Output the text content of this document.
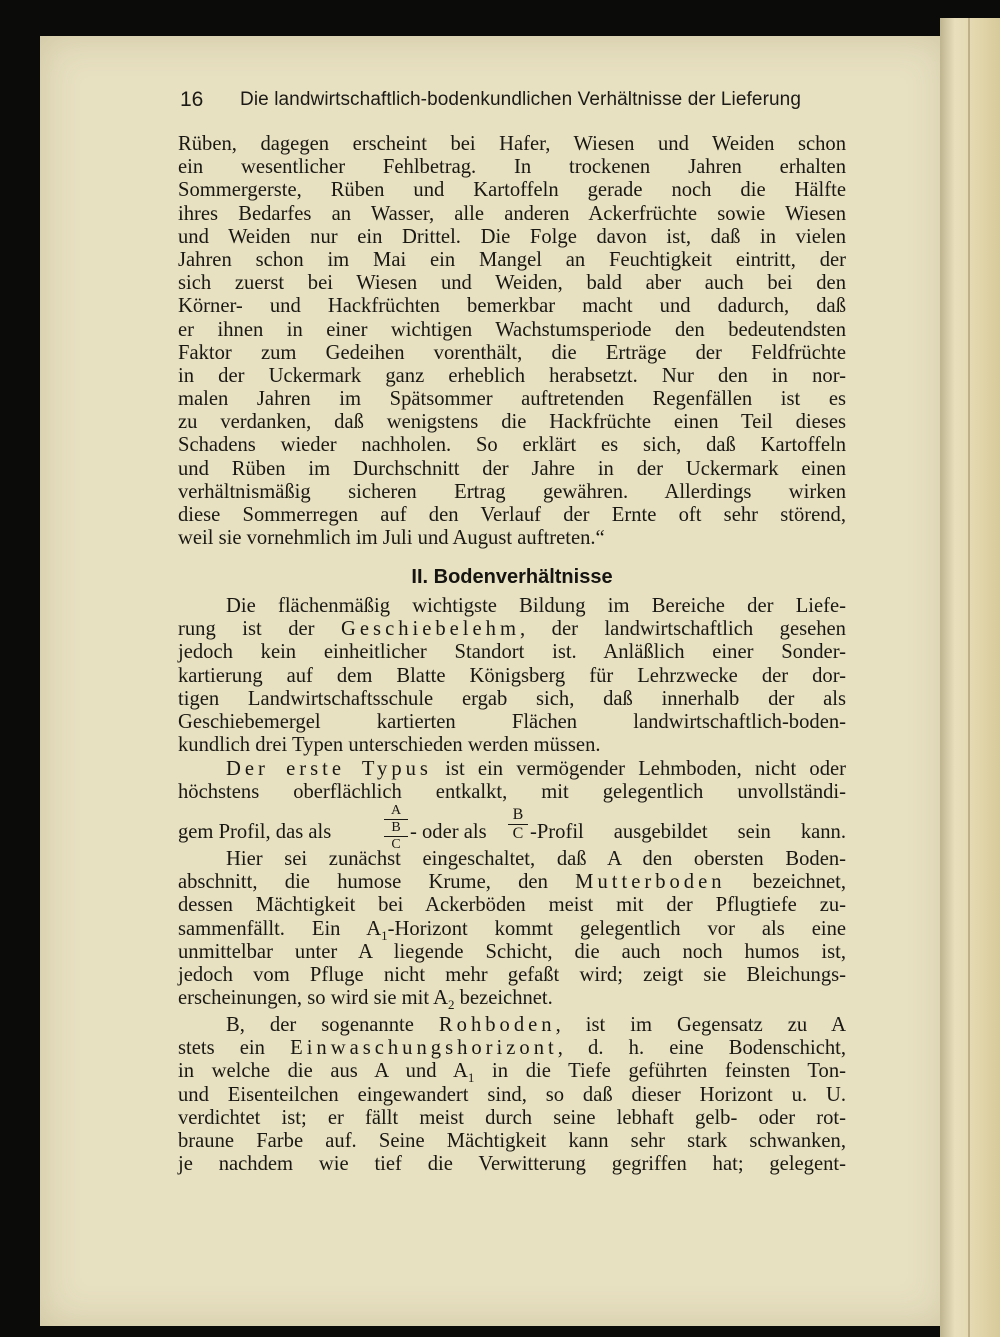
16 Die landwirtschaftlich-bodenkundlichen Verhältnisse der Lieferung
Rüben, dagegen erscheint bei Hafer, Wiesen und Weiden schon
ein wesentlicher Fehlbetrag. In trockenen Jahren erhalten
Sommergerste, Rüben und Kartoffeln gerade noch die Hälfte
ihres Bedarfes an Wasser, alle anderen Ackerfrüchte sowie Wiesen
und Weiden nur ein Drittel. Die Folge davon ist, daß in vielen
Jahren schon im Mai ein Mangel an Feuchtigkeit eintritt, der
sich zuerst bei Wiesen und Weiden, bald aber auch bei den
Körner- und Hackfrüchten bemerkbar macht und dadurch, daß
er ihnen in einer wichtigen Wachstumsperiode den bedeutendsten
Faktor zum Gedeihen vorenthält, die Erträge der Feldfrüchte
in der Uckermark ganz erheblich herabsetzt. Nur den in nor-
malen Jahren im Spätsommer auftretenden Regenfällen ist es
zu verdanken, daß wenigstens die Hackfrüchte einen Teil dieses
Schadens wieder nachholen. So erklärt es sich, daß Kartoffeln
und Rüben im Durchschnitt der Jahre in der Uckermark einen
verhältnismäßig sicheren Ertrag gewähren. Allerdings wirken
diese Sommerregen auf den Verlauf der Ernte oft sehr störend,
weil sie vornehmlich im Juli und August auftreten.“
II. Bodenverhältnisse
Die flächenmäßig wichtigste Bildung im Bereiche der Liefe-
rung ist der Geschiebelehm, der landwirtschaftlich gesehen
jedoch kein einheitlicher Standort ist. Anläßlich einer Sonder-
kartierung auf dem Blatte Königsberg für Lehrzwecke der dor-
tigen Landwirtschaftsschule ergab sich, daß innerhalb der als
Geschiebemergel kartierten Flächen landwirtschaftlich-boden-
kundlich drei Typen unterschieden werden müssen.
Der erste Typus ist ein vermögender Lehmboden, nicht oder
höchstens oberflächlich entkalkt, mit gelegentlich unvollständi-
gem Profil, das als
A
B
C
- oder als
B
C -Profil ausgebildet sein kann.
Hier sei zunächst eingeschaltet, daß A den obersten Boden-
abschnitt, die humose Krume, den Mutterboden bezeichnet,
dessen Mächtigkeit bei Ackerböden meist mit der Pflugtiefe zu-
sammenfällt. Ein $A_1$-Horizont kommt gelegentlich vor als eine
unmittelbar unter A liegende Schicht, die auch noch humos ist,
jedoch vom Pfluge nicht mehr gefaßt wird; zeigt sie Bleichungs-
erscheinungen, so wird sie mit $A_2$ bezeichnet.
B, der sogenannte Rohboden, ist im Gegensatz zu A
stets ein Einwaschungshorizont, d. h. eine Bodenschicht,
in welche die aus A und $A_1$ in die Tiefe geführten feinsten Ton-
und Eisenteilchen eingewandert sind, so daß dieser Horizont u. U.
verdichtet ist; er fällt meist durch seine lebhaft gelb- oder rot-
braune Farbe auf. Seine Mächtigkeit kann sehr stark schwanken,
je nachdem wie tief die Verwitterung gegriffen hat; gelegent-
